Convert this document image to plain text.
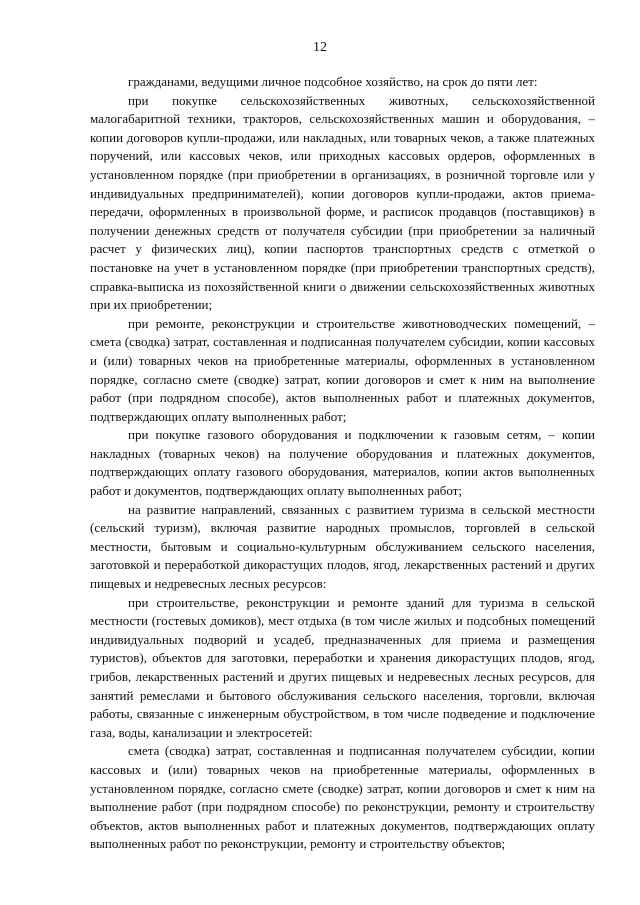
12

гражданами, ведущими личное подсобное хозяйство, на срок до пяти лет:

при покупке сельскохозяйственных животных, сельскохозяйственной малогабаритной техники, тракторов, сельскохозяйственных машин и оборудования, – копии договоров купли-продажи, или накладных, или товарных чеков, а также платежных поручений, или кассовых чеков, или приходных кассовых ордеров, оформленных в установленном порядке (при приобретении в организациях, в розничной торговле или у индивидуальных предпринимателей), копии договоров купли-продажи, актов приема-передачи, оформленных в произвольной форме, и расписок продавцов (поставщиков) в получении денежных средств от получателя субсидии (при приобретении за наличный расчет у физических лиц), копии паспортов транспортных средств с отметкой о постановке на учет в установленном порядке (при приобретении транспортных средств), справка-выписка из похозяйственной книги о движении сельскохозяйственных животных при их приобретении;

при ремонте, реконструкции и строительстве животноводческих помещений, – смета (сводка) затрат, составленная и подписанная получателем субсидии, копии кассовых и (или) товарных чеков на приобретенные материалы, оформленных в установленном порядке, согласно смете (сводке) затрат, копии договоров и смет к ним на выполнение работ (при подрядном способе), актов выполненных работ и платежных документов, подтверждающих оплату выполненных работ;

при покупке газового оборудования и подключении к газовым сетям, – копии накладных (товарных чеков) на получение оборудования и платежных документов, подтверждающих оплату газового оборудования, материалов, копии актов выполненных работ и документов, подтверждающих оплату выполненных работ;

на развитие направлений, связанных с развитием туризма в сельской местности (сельский туризм), включая развитие народных промыслов, торговлей в сельской местности, бытовым и социально-культурным обслуживанием сельского населения, заготовкой и переработкой дикорастущих плодов, ягод, лекарственных растений и других пищевых и недревесных лесных ресурсов:

при строительстве, реконструкции и ремонте зданий для туризма в сельской местности (гостевых домиков), мест отдыха (в том числе жилых и подсобных помещений индивидуальных подворий и усадеб, предназначенных для приема и размещения туристов), объектов для заготовки, переработки и хранения дикорастущих плодов, ягод, грибов, лекарственных растений и других пищевых и недревесных лесных ресурсов, для занятий ремеслами и бытового обслуживания сельского населения, торговли, включая работы, связанные с инженерным обустройством, в том числе подведение и подключение газа, воды, канализации и электросетей:

смета (сводка) затрат, составленная и подписанная получателем субсидии, копии кассовых и (или) товарных чеков на приобретенные материалы, оформленных в установленном порядке, согласно смете (сводке) затрат, копии договоров и смет к ним на выполнение работ (при подрядном способе) по реконструкции, ремонту и строительству объектов, актов выполненных работ и платежных документов, подтверждающих оплату выполненных работ по реконструкции, ремонту и строительству объектов;
